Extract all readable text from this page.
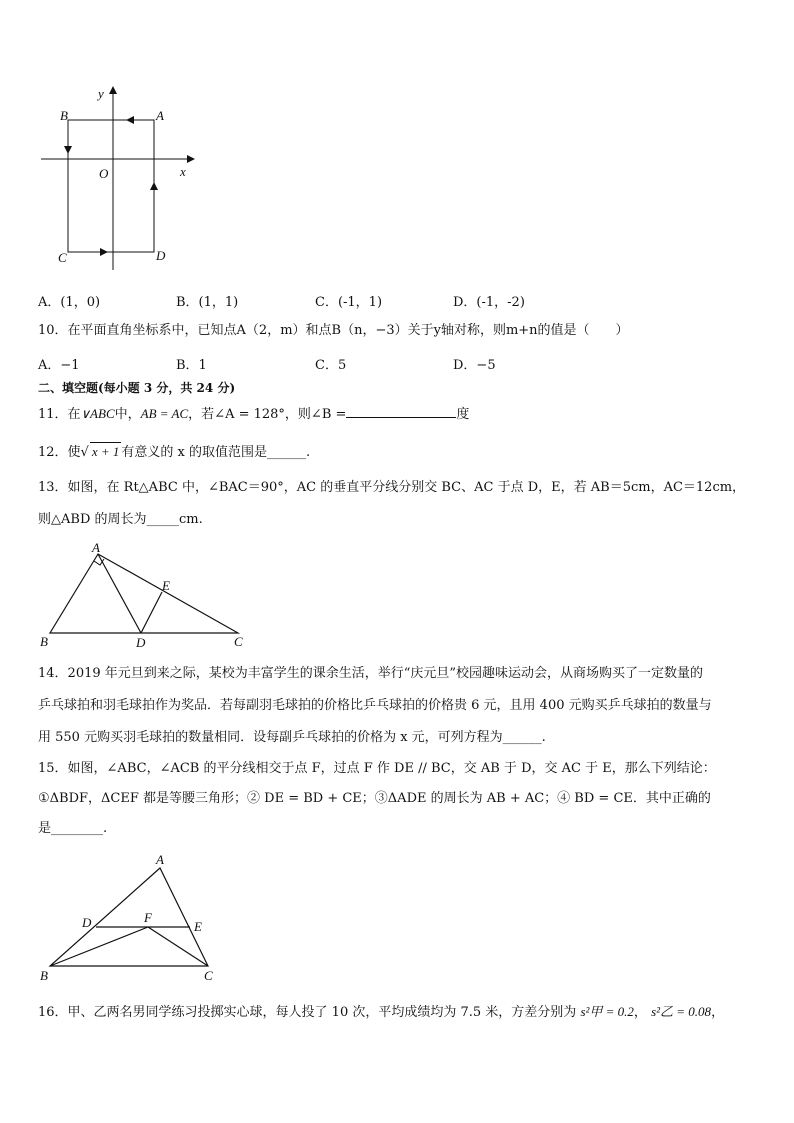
y
x
B	A
O
C	D
A．(1，0)	B．(1，1)	C．(-1，1)	D．(-1，-2)
10．在平面直角坐标系中，已知点A（2，m）和点B（n，−3）关于y轴对称，则m+n的值是（　　）
A．−1	B．1	C．5	D．−5
二、填空题(每小题 3 分，共 24 分)
11．在∨ABC中，AB = AC，若∠A = 128°，则∠B =	度
12．使√ x + 1 有意义的 x 的取值范围是______.
13．如图，在 Rt△ABC 中，∠BAC＝90°，AC 的垂直平分线分别交 BC、AC 于点 D，E，若 AB＝5cm，AC＝12cm，
则△ABD 的周长为_____cm.
A
E
B	D	C
14．2019 年元旦到来之际，某校为丰富学生的课余生活，举行“庆元旦”校园趣味运动会，从商场购买了一定数量的
乒乓球拍和羽毛球拍作为奖品．若每副羽毛球拍的价格比乒乓球拍的价格贵 6 元，且用 400 元购买乒乓球拍的数量与
用 550 元购买羽毛球拍的数量相同．设每副乒乓球拍的价格为 x 元，可列方程为______.
15．如图，∠ABC，∠ACB 的平分线相交于点 F，过点 F 作 DE // BC，交 AB 于 D，交 AC 于 E，那么下列结论：
①ΔBDF，ΔCEF 都是等腰三角形；② DE = BD + CE；③ΔADE 的周长为 AB + AC；④ BD = CE．其中正确的
是________.
A
D	F
E
B	C
16．甲、乙两名男同学练习投掷实心球，每人投了 10 次，平均成绩均为 7.5 米，方差分别为 s²甲 = 0.2， s²乙 = 0.08，
